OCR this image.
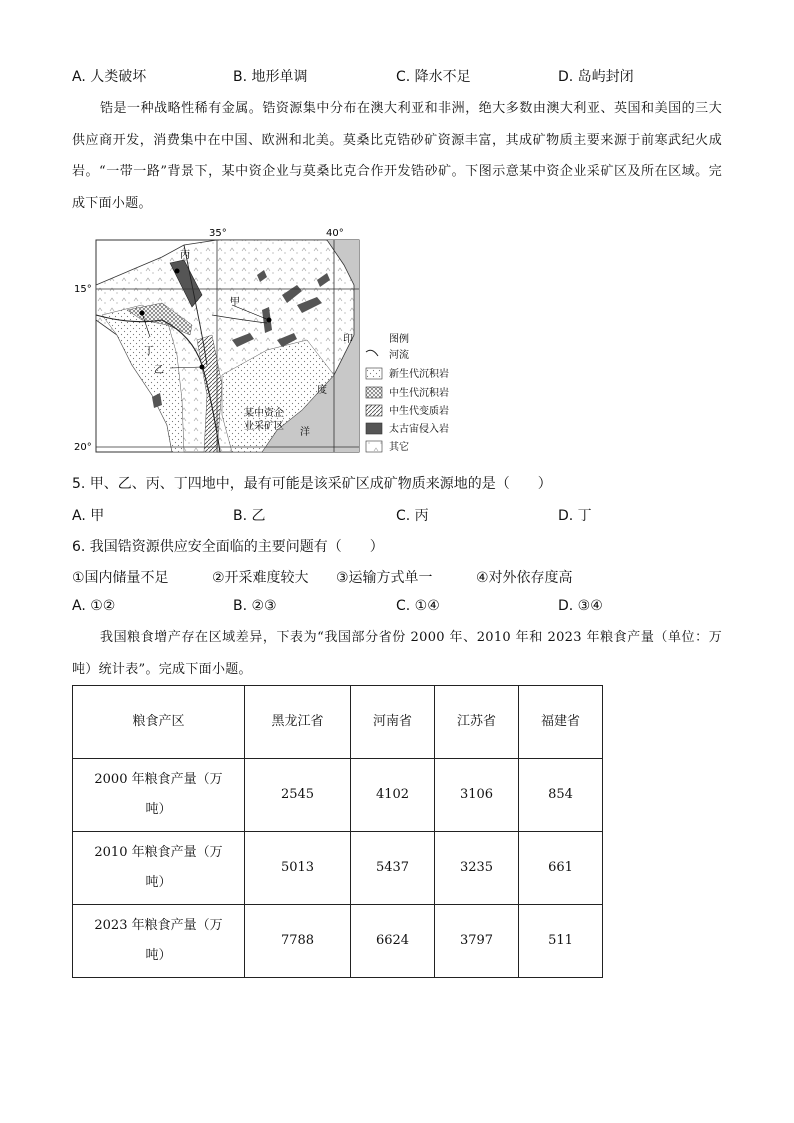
A. 人类破坏	B. 地形单调	C. 降水不足	D. 岛屿封闭
锆是一种战略性稀有金属。锆资源集中分布在澳大利亚和非洲，绝大多数由澳大利亚、英国和美国的三大供应商开发，消费集中在中国、欧洲和北美。莫桑比克锆砂矿资源丰富，其成矿物质主要来源于前寒武纪火成岩。“一带一路”背景下，某中资企业与莫桑比克合作开发锆砂矿。下图示意某中资企业采矿区及所在区域。完成下面小题。
35°	40°
15°
20°
丙
甲
丁
乙
印
度
洋
某中资企
业采矿区
图例
河流
新生代沉积岩
中生代沉积岩
中生代变质岩
太古宙侵入岩
其它
5. 甲、乙、丙、丁四地中，最有可能是该采矿区成矿物质来源地的是（　　）
A. 甲	B. 乙	C. 丙	D. 丁
6. 我国锆资源供应安全面临的主要问题有（　　）
①国内储量不足	②开采难度较大 ③运输方式单一	④对外依存度高
A. ①②	B. ②③	C. ①④	D. ③④
我国粮食增产存在区域差异，下表为“我国部分省份 2000 年、2010 年和 2023 年粮食产量（单位：万吨）统计表”。完成下面小题。
粮食产区	黑龙江省	河南省	江苏省	福建省
2000 年粮食产量（万吨）	2545	4102	3106	854
2010 年粮食产量（万吨）	5013	5437	3235	661
2023 年粮食产量（万吨）	7788	6624	3797	511
